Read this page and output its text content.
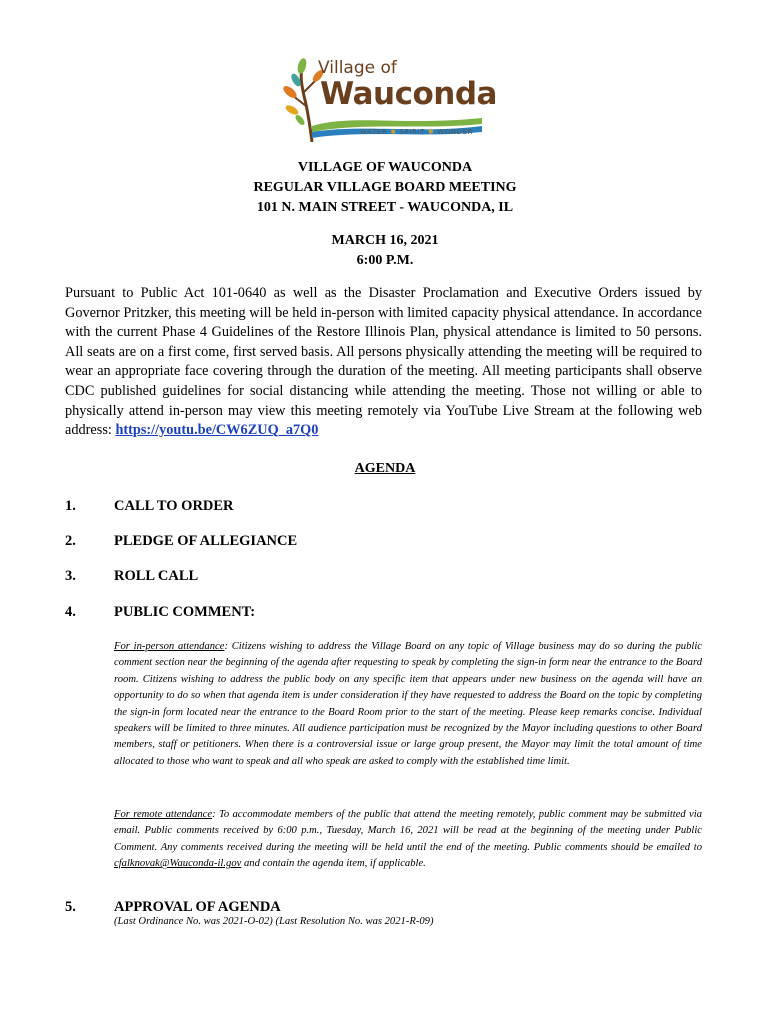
Village of
Wauconda
WATER ✱ SPIRIT ✱ WONDER
VILLAGE OF WAUCONDA
REGULAR VILLAGE BOARD MEETING
101 N. MAIN STREET - WAUCONDA, IL
MARCH 16, 2021
6:00 P.M.
Pursuant to Public Act 101-0640 as well as the Disaster Proclamation and Executive Orders issued by Governor Pritzker, this meeting will be held in-person with limited capacity physical attendance. In accordance with the current Phase 4 Guidelines of the Restore Illinois Plan, physical attendance is limited to 50 persons. All seats are on a first come, first served basis. All persons physically attending the meeting will be required to wear an appropriate face covering through the duration of the meeting. All meeting participants shall observe CDC published guidelines for social distancing while attending the meeting. Those not willing or able to physically attend in-person may view this meeting remotely via YouTube Live Stream at the following web address: https://youtu.be/CW6ZUQ_a7Q0
AGENDA
1.	CALL TO ORDER
2.	PLEDGE OF ALLEGIANCE
3.	ROLL CALL
4.	PUBLIC COMMENT:
For in-person attendance: Citizens wishing to address the Village Board on any topic of Village business may do so during the public comment section near the beginning of the agenda after requesting to speak by completing the sign-in form near the entrance to the Board room. Citizens wishing to address the public body on any specific item that appears under new business on the agenda will have an opportunity to do so when that agenda item is under consideration if they have requested to address the Board on the topic by completing the sign-in form located near the entrance to the Board Room prior to the start of the meeting. Please keep remarks concise. Individual speakers will be limited to three minutes. All audience participation must be recognized by the Mayor including questions to other Board members, staff or petitioners. When there is a controversial issue or large group present, the Mayor may limit the total amount of time allocated to those who want to speak and all who speak are asked to comply with the established time limit.
For remote attendance: To accommodate members of the public that attend the meeting remotely, public comment may be submitted via email. Public comments received by 6:00 p.m., Tuesday, March 16, 2021 will be read at the beginning of the meeting under Public Comment. Any comments received during the meeting will be held until the end of the meeting. Public comments should be emailed to cfalknovak@Wauconda-il.gov and contain the agenda item, if applicable.
5.	APPROVAL OF AGENDA
(Last Ordinance No. was 2021-O-02) (Last Resolution No. was 2021-R-09)
